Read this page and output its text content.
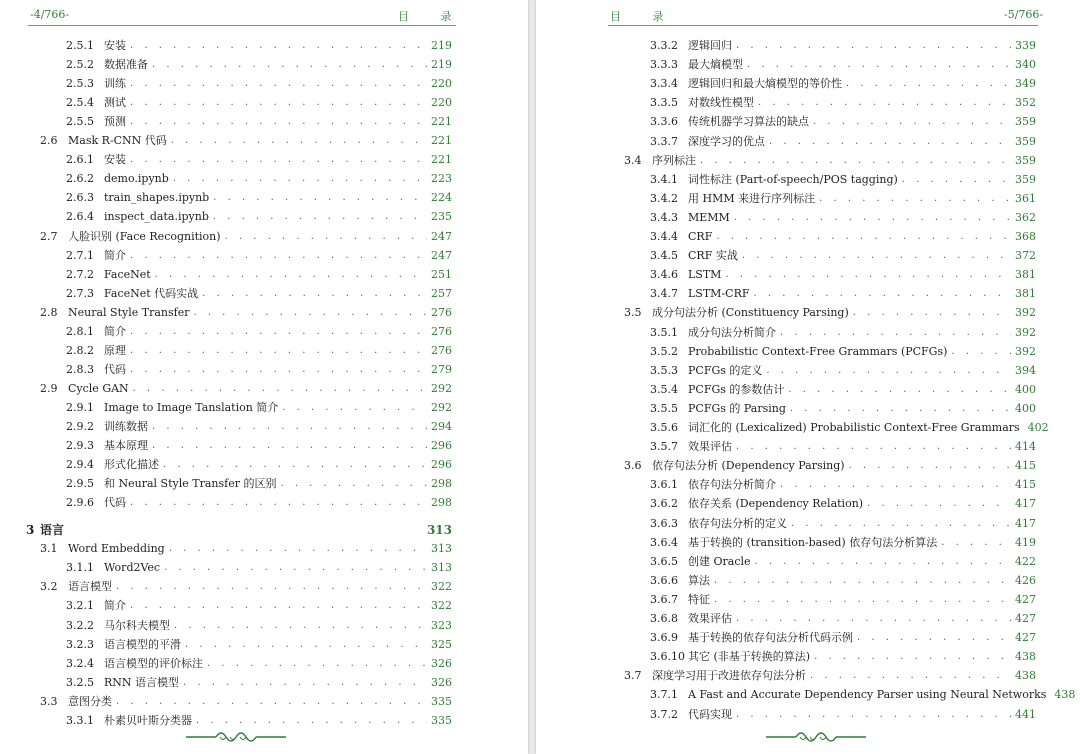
-4/766-	目 录
2.5.1 安装 . . .	219
2.5.2 数据准备 . . .	219
2.5.3 训练 . . .	220
2.5.4 测试 . . .	220
2.5.5 预测 . . .	221
2.6 Mask R-CNN 代码 . . .	221
2.6.1 安装 . . .	221
2.6.2 demo.ipynb . . .	223
2.6.3 train_shapes.ipynb . . .	224
2.6.4 inspect_data.ipynb . . .	235
2.7 人脸识别 (Face Recognition) . . .	247
2.7.1 简介 . . .	247
2.7.2 FaceNet . . .	251
2.7.3 FaceNet 代码实战 . . .	257
2.8 Neural Style Transfer . . .	276
2.8.1 简介 . . .	276
2.8.2 原理 . . .	276
2.8.3 代码 . . .	279
2.9 Cycle GAN . . .	292
2.9.1 Image to Image Tanslation 简介 . . .	292
2.9.2 训练数据 . . .	294
2.9.3 基本原理 . . .	296
2.9.4 形式化描述 . . .	296
2.9.5 和 Neural Style Transfer 的区别 . . .	298
2.9.6 代码 . . .	298
3 语言	313
3.1 Word Embedding . . .	313
3.1.1 Word2Vec . . .	313
3.2 语言模型 . . .	322
3.2.1 简介 . . .	322
3.2.2 马尔科夫模型 . . .	323
3.2.3 语言模型的平滑 . . .	325
3.2.4 语言模型的评价标注 . . .	326
3.2.5 RNN 语言模型 . . .	326
3.3 意图分类 . . .	335
3.3.1 朴素贝叶斯分类器 . . .	335
目 录	-5/766-
3.3.2 逻辑回归 . . .	339
3.3.3 最大熵模型 . . .	340
3.3.4 逻辑回归和最大熵模型的等价性 . . .	349
3.3.5 对数线性模型 . . .	352
3.3.6 传统机器学习算法的缺点 . . .	359
3.3.7 深度学习的优点 . . .	359
3.4 序列标注 . . .	359
3.4.1 词性标注 (Part-of-speech/POS tagging) . . .	359
3.4.2 用 HMM 来进行序列标注 . . .	361
3.4.3 MEMM . . .	362
3.4.4 CRF . . .	368
3.4.5 CRF 实战 . . .	372
3.4.6 LSTM . . .	381
3.4.7 LSTM-CRF . . .	381
3.5 成分句法分析 (Constituency Parsing) . . .	392
3.5.1 成分句法分析简介 . . .	392
3.5.2 Probabilistic Context-Free Grammars (PCFGs) . . .	392
3.5.3 PCFGs 的定义 . . .	394
3.5.4 PCFGs 的参数估计 . . .	400
3.5.5 PCFGs 的 Parsing . . .	400
3.5.6 词汇化的 (Lexicalized) Probabilistic Context-Free Grammars 402
3.5.7 效果评估 . . .	414
3.6 依存句法分析 (Dependency Parsing) . . .	415
3.6.1 依存句法分析简介 . . .	415
3.6.2 依存关系 (Dependency Relation) . . .	417
3.6.3 依存句法分析的定义 . . .	417
3.6.4 基于转换的 (transition-based) 依存句法分析算法 . . .	419
3.6.5 创建 Oracle . . .	422
3.6.6 算法 . . .	426
3.6.7 特征 . . .	427
3.6.8 效果评估 . . .	427
3.6.9 基于转换的依存句法分析代码示例 . . .	427
3.6.10 其它 (非基于转换的算法) . . .	438
3.7 深度学习用于改进依存句法分析 . . .	438
3.7.1 A Fast and Accurate Dependency Parser using Neural Networks 438
3.7.2 代码实现 . . .	441
